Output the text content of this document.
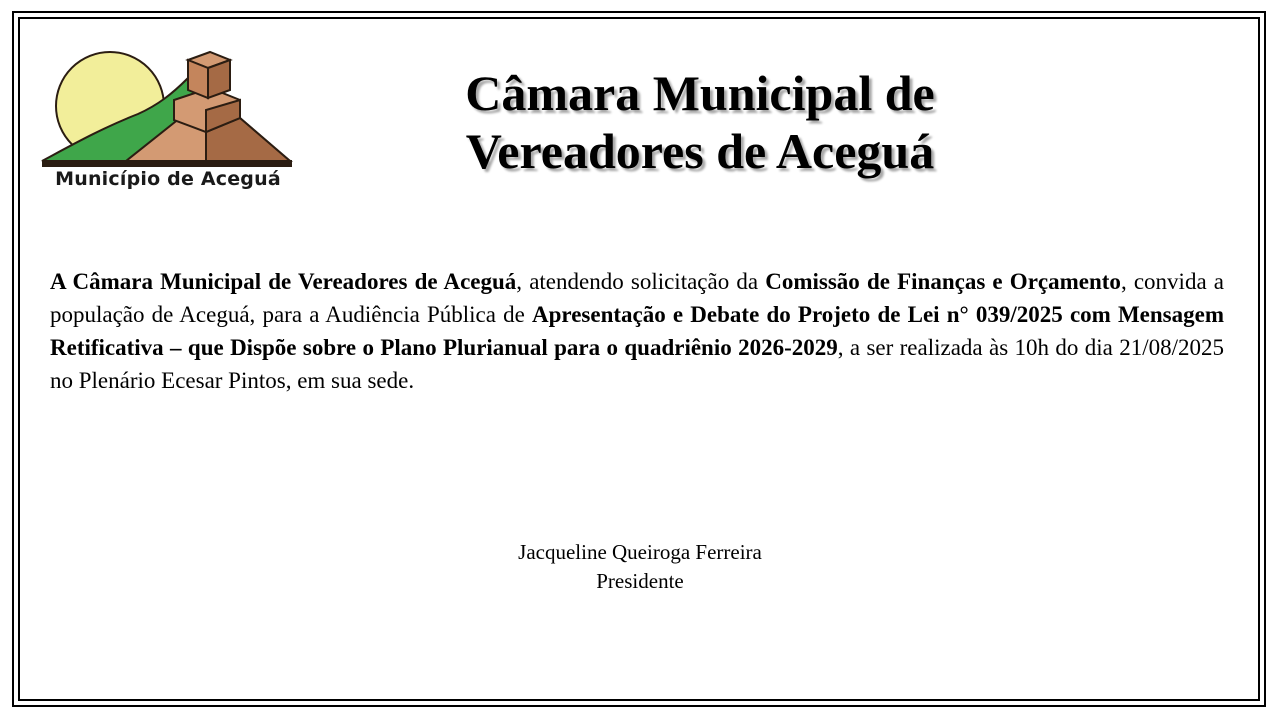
Município de Aceguá
Câmara Municipal de
Vereadores de Aceguá
A Câmara Municipal de Vereadores de Aceguá, atendendo solicitação da Comissão de Finanças e Orçamento, convida a população de Aceguá, para a Audiência Pública de Apresentação e Debate do Projeto de Lei n° 039/2025 com Mensagem Retificativa – que Dispõe sobre o Plano Plurianual para o quadriênio 2026-2029, a ser realizada às 10h do dia 21/08/2025 no Plenário Ecesar Pintos, em sua sede.
Jacqueline Queiroga Ferreira
Presidente
